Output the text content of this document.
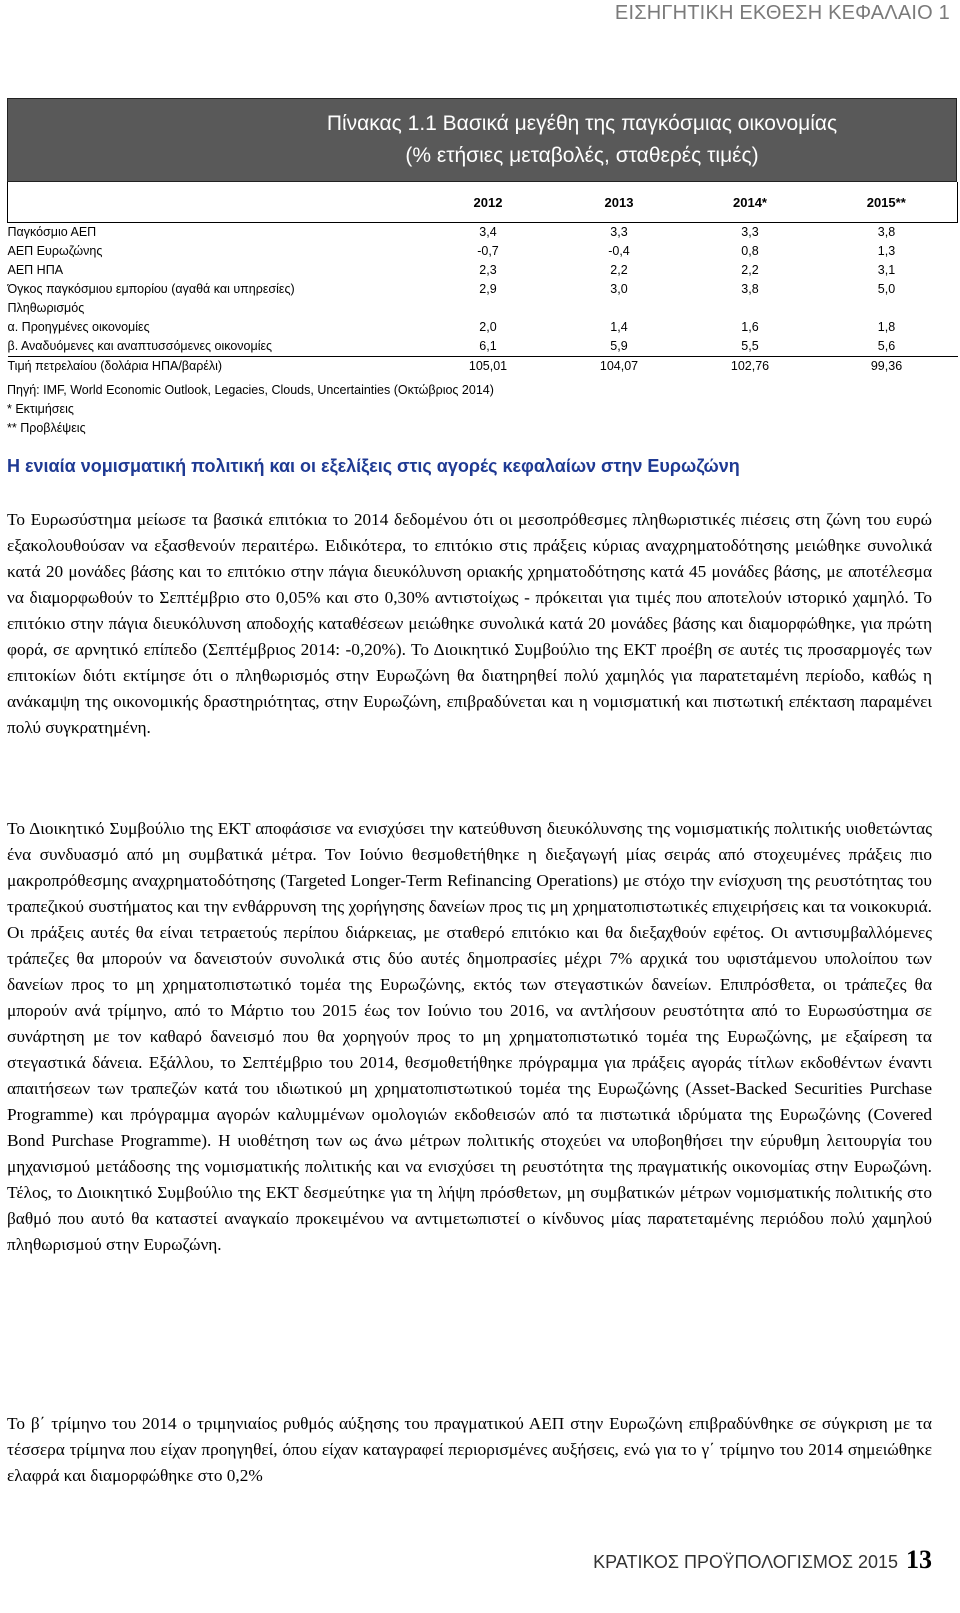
ΕΙΣΗΓΗΤΙΚΗ ΕΚΘΕΣΗ ΚΕΦΑΛΑΙΟ 1
Πίνακας 1.1 Βασικά μεγέθη της παγκόσμιας οικονομίας
(% ετήσιες μεταβολές, σταθερές τιμές)
	2012	2013	2014*	2015**
Παγκόσμιο ΑΕΠ	3,4	3,3	3,3	3,8
ΑΕΠ Ευρωζώνης	-0,7	-0,4	0,8	1,3
ΑΕΠ ΗΠΑ	2,3	2,2	2,2	3,1
Όγκος παγκόσμιου εμπορίου (αγαθά και υπηρεσίες)	2,9	3,0	3,8	5,0
Πληθωρισμός				
α. Προηγμένες οικονομίες	2,0	1,4	1,6	1,8
β. Αναδυόμενες και αναπτυσσόμενες οικονομίες	6,1	5,9	5,5	5,6
Τιμή πετρελαίου (δολάρια ΗΠΑ/βαρέλι)	105,01	104,07	102,76	99,36
Πηγή: IMF, World Economic Outlook, Legacies, Clouds, Uncertainties (Οκτώβριος 2014)
* Εκτιμήσεις
** Προβλέψεις
Η ενιαία νομισματική πολιτική και οι εξελίξεις στις αγορές κεφαλαίων στην Ευρωζώνη
Το Ευρωσύστημα μείωσε τα βασικά επιτόκια το 2014 δεδομένου ότι οι μεσοπρόθεσμες πληθωριστικές πιέσεις στη ζώνη του ευρώ εξακολουθούσαν να εξασθενούν περαιτέρω. Ειδικότερα, το επιτόκιο στις πράξεις κύριας αναχρηματοδότησης μειώθηκε συνολικά κατά 20 μονάδες βάσης και το επιτόκιο στην πάγια διευκόλυνση οριακής χρηματοδότησης κατά 45 μονάδες βάσης, με αποτέλεσμα να διαμορφωθούν το Σεπτέμβριο στο 0,05% και στο 0,30% αντιστοίχως - πρόκειται για τιμές που αποτελούν ιστορικό χαμηλό. Το επιτόκιο στην πάγια διευκόλυνση αποδοχής καταθέσεων μειώθηκε συνολικά κατά 20 μονάδες βάσης και διαμορφώθηκε, για πρώτη φορά, σε αρνητικό επίπεδο (Σεπτέμβριος 2014: -0,20%). Το Διοικητικό Συμβούλιο της ΕΚΤ προέβη σε αυτές τις προσαρμογές των επιτοκίων διότι εκτίμησε ότι ο πληθωρισμός στην Ευρωζώνη θα διατηρηθεί πολύ χαμηλός για παρατεταμένη περίοδο, καθώς η ανάκαμψη της οικονομικής δραστηριότητας, στην Ευρωζώνη, επιβραδύνεται και η νομισματική και πιστωτική επέκταση παραμένει πολύ συγκρατημένη.
Το Διοικητικό Συμβούλιο της ΕΚΤ αποφάσισε να ενισχύσει την κατεύθυνση διευκόλυνσης της νομισματικής πολιτικής υιοθετώντας ένα συνδυασμό από μη συμβατικά μέτρα. Τον Ιούνιο θεσμοθετήθηκε η διεξαγωγή μίας σειράς από στοχευμένες πράξεις πιο μακροπρόθεσμης αναχρηματοδότησης (Targeted Longer-Term Refinancing Operations) με στόχο την ενίσχυση της ρευστότητας του τραπεζικού συστήματος και την ενθάρρυνση της χορήγησης δανείων προς τις μη χρηματοπιστωτικές επιχειρήσεις και τα νοικοκυριά. Οι πράξεις αυτές θα είναι τετραετούς περίπου διάρκειας, με σταθερό επιτόκιο και θα διεξαχθούν εφέτος. Οι αντισυμβαλλόμενες τράπεζες θα μπορούν να δανειστούν συνολικά στις δύο αυτές δημοπρασίες μέχρι 7% αρχικά του υφιστάμενου υπολοίπου των δανείων προς το μη χρηματοπιστωτικό τομέα της Ευρωζώνης, εκτός των στεγαστικών δανείων. Επιπρόσθετα, οι τράπεζες θα μπορούν ανά τρίμηνο, από το Μάρτιο του 2015 έως τον Ιούνιο του 2016, να αντλήσουν ρευστότητα από το Ευρωσύστημα σε συνάρτηση με τον καθαρό δανεισμό που θα χορηγούν προς το μη χρηματοπιστωτικό τομέα της Ευρωζώνης, με εξαίρεση τα στεγαστικά δάνεια. Εξάλλου, το Σεπτέμβριο του 2014, θεσμοθετήθηκε πρόγραμμα για πράξεις αγοράς τίτλων εκδοθέντων έναντι απαιτήσεων των τραπεζών κατά του ιδιωτικού μη χρηματοπιστωτικού τομέα της Ευρωζώνης (Asset-Backed Securities Purchase Programme) και πρόγραμμα αγορών καλυμμένων ομολογιών εκδοθεισών από τα πιστωτικά ιδρύματα της Ευρωζώνης (Covered Bond Purchase Programme). Η υιοθέτηση των ως άνω μέτρων πολιτικής στοχεύει να υποβοηθήσει την εύρυθμη λειτουργία του μηχανισμού μετάδοσης της νομισματικής πολιτικής και να ενισχύσει τη ρευστότητα της πραγματικής οικονομίας στην Ευρωζώνη. Τέλος, το Διοικητικό Συμβούλιο της ΕΚΤ δεσμεύτηκε για τη λήψη πρόσθετων, μη συμβατικών μέτρων νομισματικής πολιτικής στο βαθμό που αυτό θα καταστεί αναγκαίο προκειμένου να αντιμετωπιστεί ο κίνδυνος μίας παρατεταμένης περιόδου πολύ χαμηλού πληθωρισμού στην Ευρωζώνη.
Το β΄ τρίμηνο του 2014 ο τριμηνιαίος ρυθμός αύξησης του πραγματικού ΑΕΠ στην Ευρωζώνη επιβραδύνθηκε σε σύγκριση με τα τέσσερα τρίμηνα που είχαν προηγηθεί, όπου είχαν καταγραφεί περιορισμένες αυξήσεις, ενώ για το γ΄ τρίμηνο του 2014 σημειώθηκε ελαφρά και διαμορφώθηκε στο 0,2%
ΚΡΑΤΙΚΟΣ ΠΡΟΫΠΟΛΟΓΙΣΜΟΣ 2015 13
